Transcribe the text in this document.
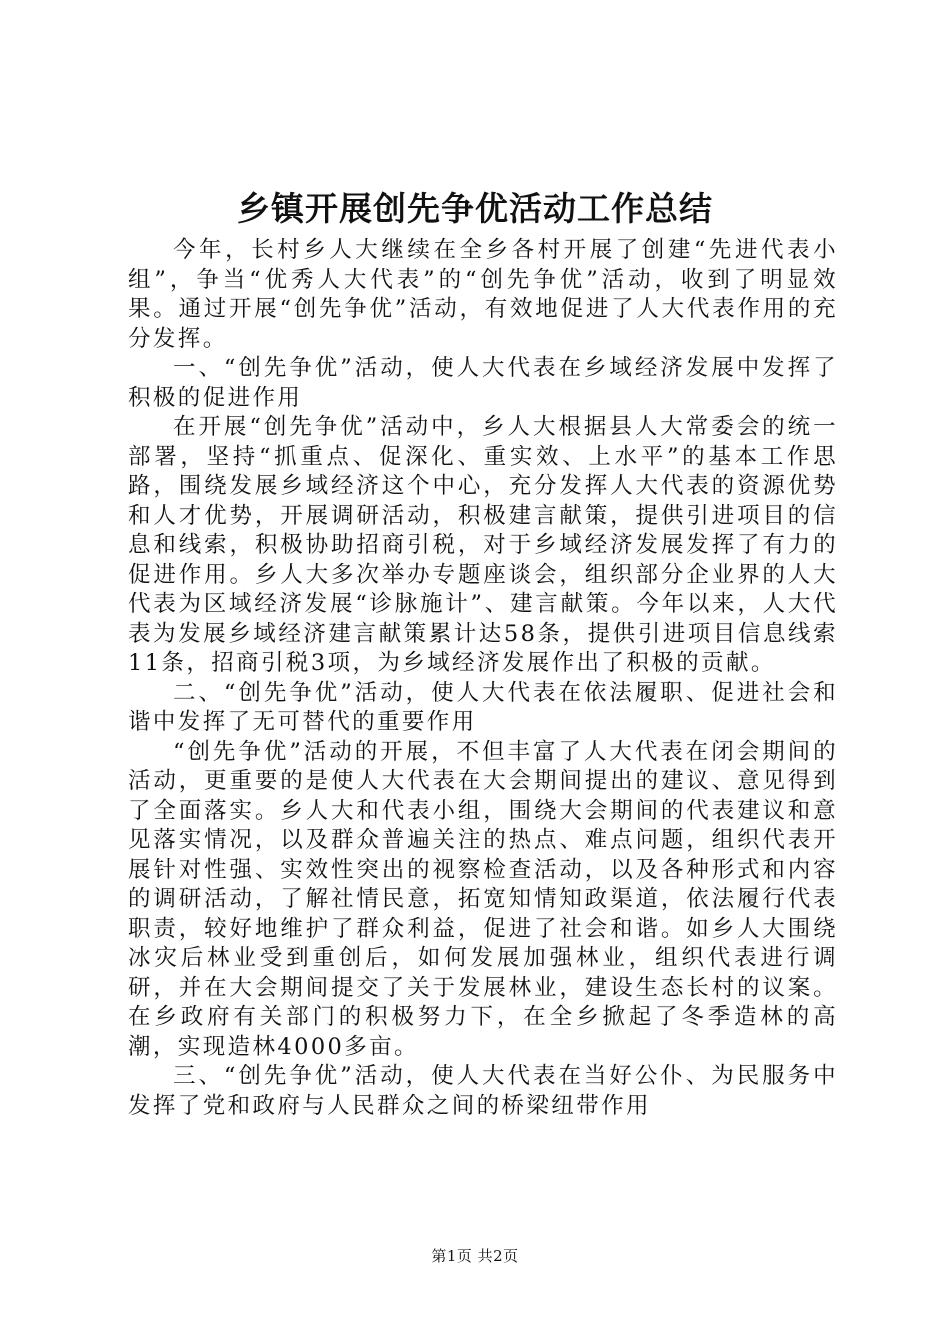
乡镇开展创先争优活动工作总结

今年，长村乡人大继续在全乡各村开展了创建“先进代表小组”，争当“优秀人大代表”的“创先争优”活动，收到了明显效果。通过开展“创先争优”活动，有效地促进了人大代表作用的充分发挥。

一、“创先争优”活动，使人大代表在乡域经济发展中发挥了积极的促进作用

在开展“创先争优”活动中，乡人大根据县人大常委会的统一部署，坚持“抓重点、促深化、重实效、上水平”的基本工作思路，围绕发展乡域经济这个中心，充分发挥人大代表的资源优势和人才优势，开展调研活动，积极建言献策，提供引进项目的信息和线索，积极协助招商引税，对于乡域经济发展发挥了有力的促进作用。乡人大多次举办专题座谈会，组织部分企业界的人大代表为区域经济发展“诊脉施计”、建言献策。今年以来，人大代表为发展乡域经济建言献策累计达58条，提供引进项目信息线索11条，招商引税3项，为乡域经济发展作出了积极的贡献。

二、“创先争优”活动，使人大代表在依法履职、促进社会和谐中发挥了无可替代的重要作用

“创先争优”活动的开展，不但丰富了人大代表在闭会期间的活动，更重要的是使人大代表在大会期间提出的建议、意见得到了全面落实。乡人大和代表小组，围绕大会期间的代表建议和意见落实情况，以及群众普遍关注的热点、难点问题，组织代表开展针对性强、实效性突出的视察检查活动，以及各种形式和内容的调研活动，了解社情民意，拓宽知情知政渠道，依法履行代表职责，较好地维护了群众利益，促进了社会和谐。如乡人大围绕冰灾后林业受到重创后，如何发展加强林业，组织代表进行调研，并在大会期间提交了关于发展林业，建设生态长村的议案。在乡政府有关部门的积极努力下，在全乡掀起了冬季造林的高潮，实现造林4000多亩。

三、“创先争优”活动，使人大代表在当好公仆、为民服务中发挥了党和政府与人民群众之间的桥梁纽带作用

第1页 共2页
